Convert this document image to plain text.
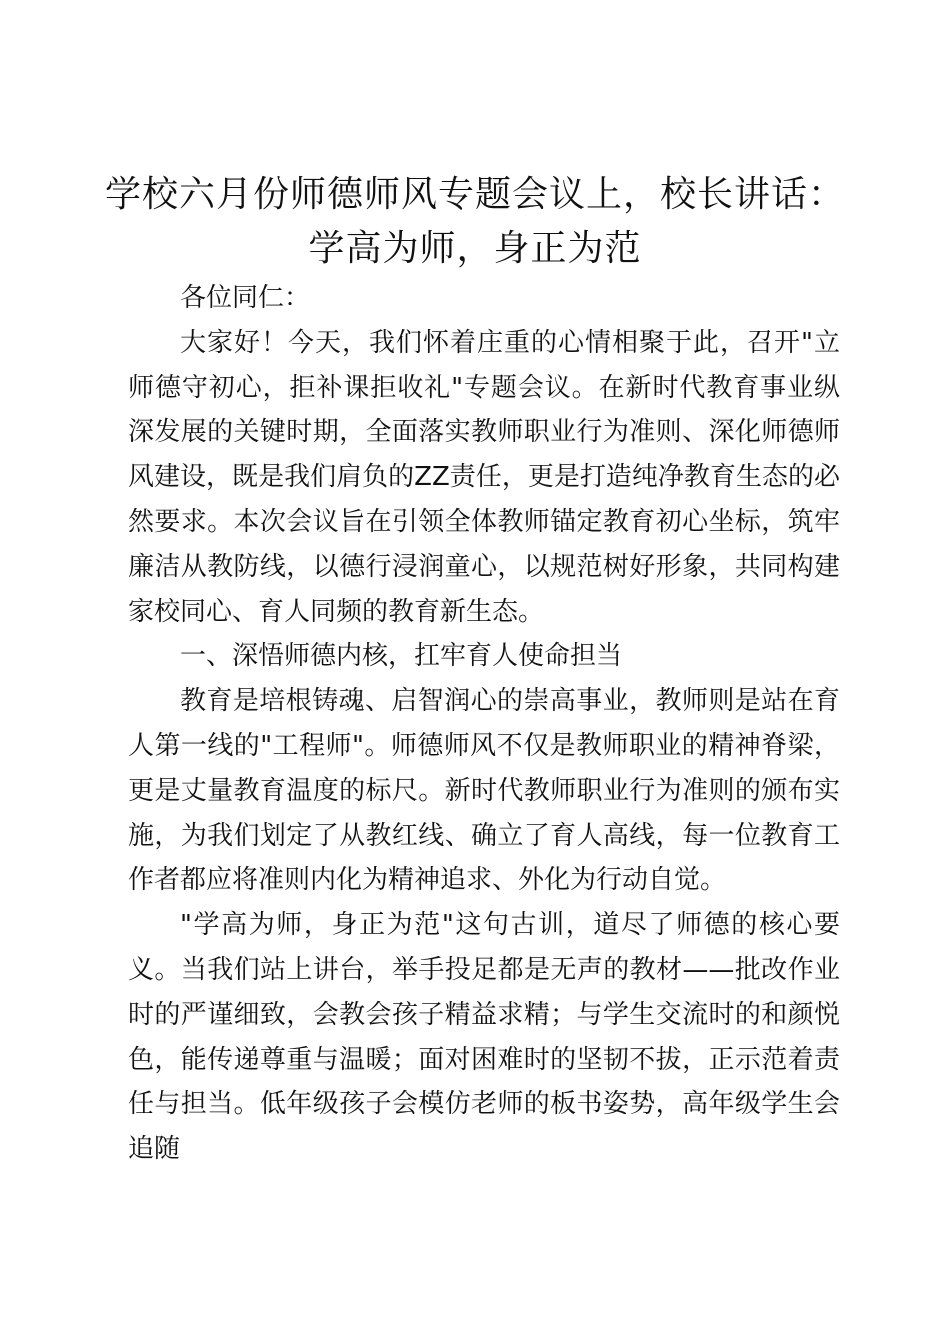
学校六月份师德师风专题会议上，校长讲话：
学高为师，身正为范

各位同仁：

大家好！今天，我们怀着庄重的心情相聚于此，召开"立师德守初心，拒补课拒收礼"专题会议。在新时代教育事业纵深发展的关键时期，全面落实教师职业行为准则、深化师德师风建设，既是我们肩负的ZZ责任，更是打造纯净教育生态的必然要求。本次会议旨在引领全体教师锚定教育初心坐标，筑牢廉洁从教防线，以德行浸润童心，以规范树好形象，共同构建家校同心、育人同频的教育新生态。

一、深悟师德内核，扛牢育人使命担当

教育是培根铸魂、启智润心的崇高事业，教师则是站在育人第一线的"工程师"。师德师风不仅是教师职业的精神脊梁，更是丈量教育温度的标尺。新时代教师职业行为准则的颁布实施，为我们划定了从教红线、确立了育人高线，每一位教育工作者都应将准则内化为精神追求、外化为行动自觉。

"学高为师，身正为范"这句古训，道尽了师德的核心要义。当我们站上讲台，举手投足都是无声的教材——批改作业时的严谨细致，会教会孩子精益求精；与学生交流时的和颜悦色，能传递尊重与温暖；面对困难时的坚韧不拔，正示范着责任与担当。低年级孩子会模仿老师的板书姿势，高年级学生会追随
